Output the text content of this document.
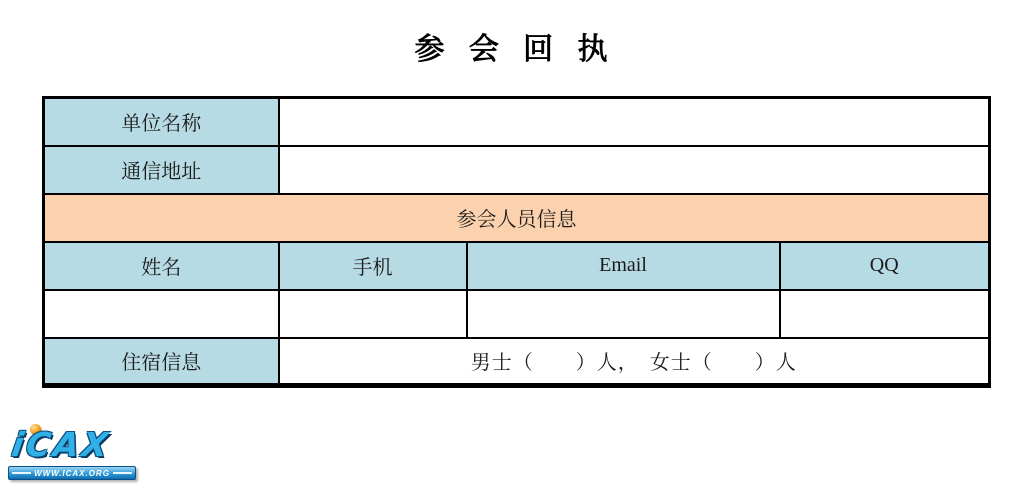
参 会 回 执
单位名称			
通信地址			
参会人员信息			
姓名	手机	Email	QQ

住宿信息	男士（　　）人，　女士（　　）人		
iCAX
WWW.ICAX.ORG
